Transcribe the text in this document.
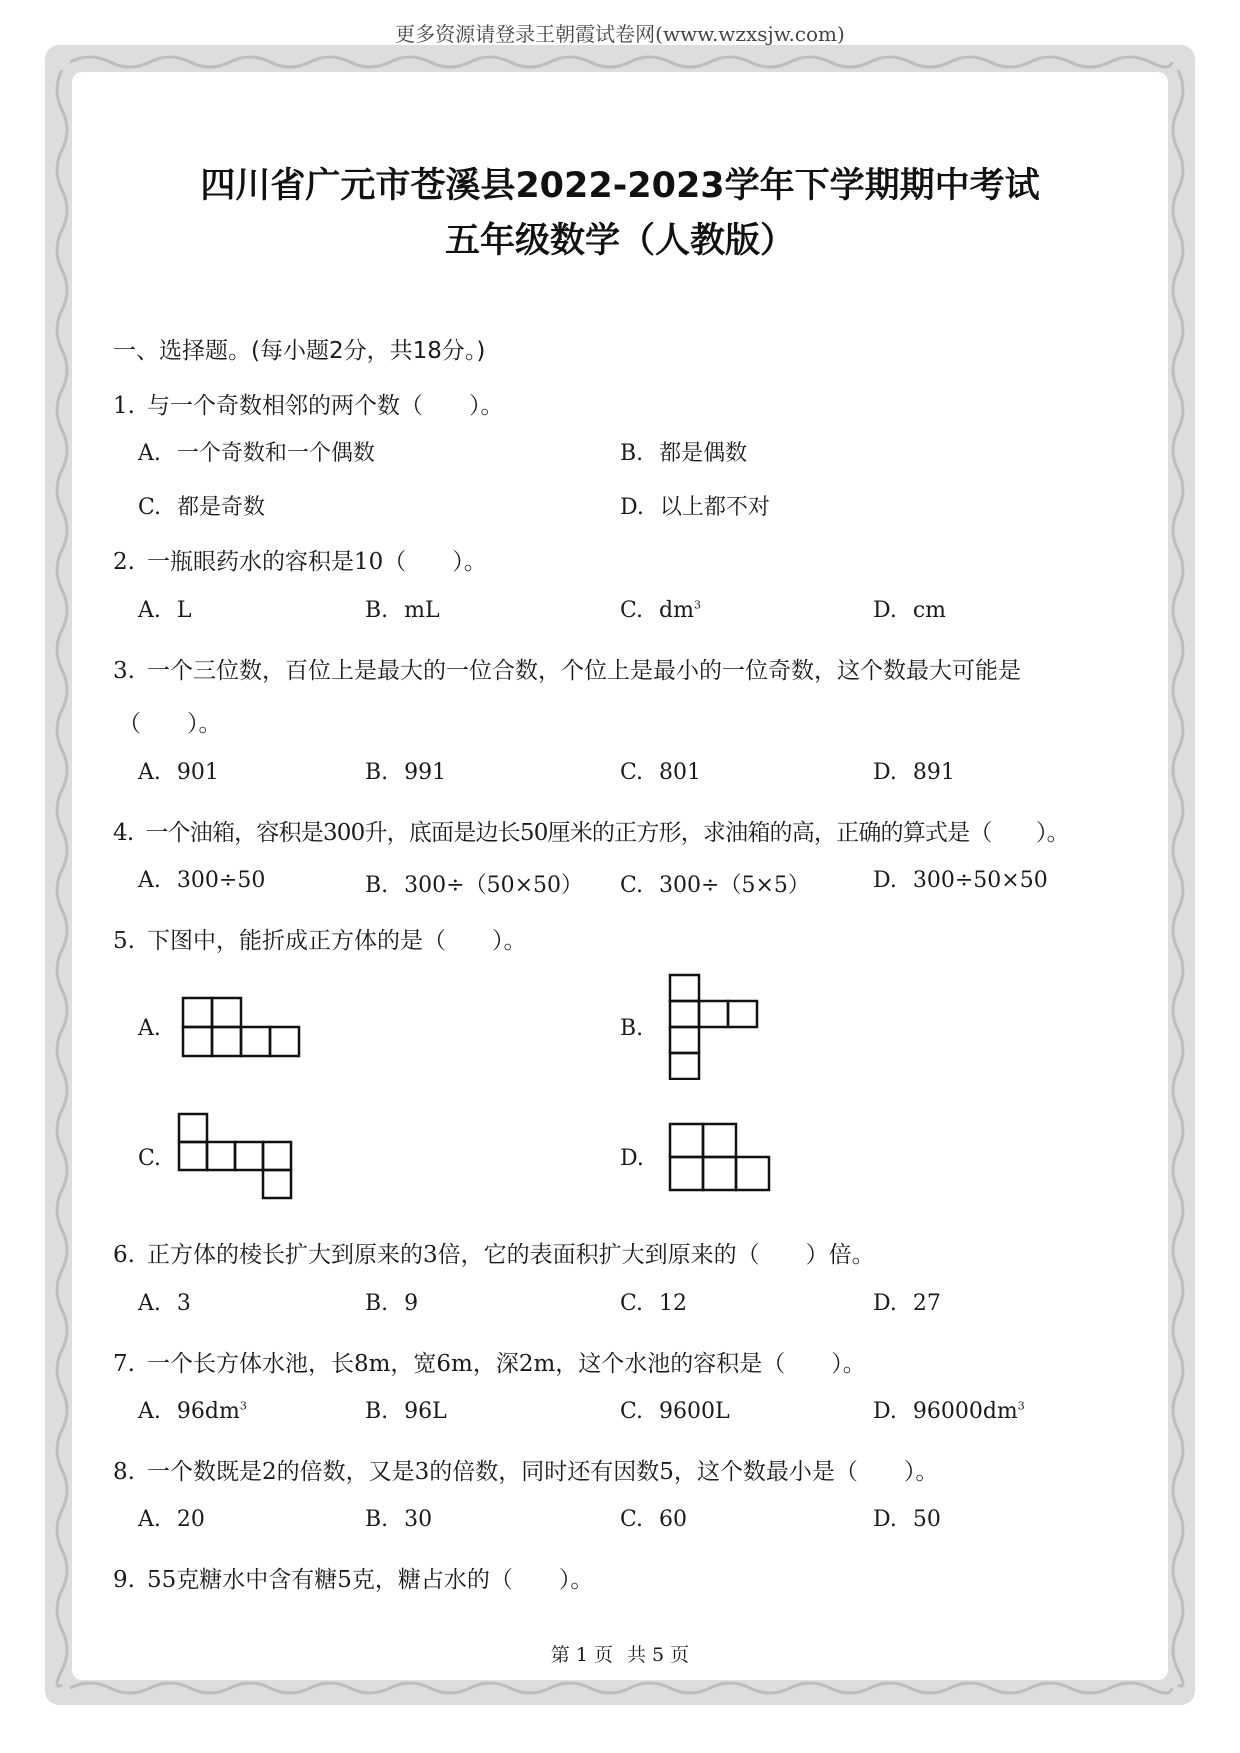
更多资源请登录王朝霞试卷网(www.wzxsjw.com)
四川省广元市苍溪县2022-2023学年下学期期中考试
五年级数学（人教版）
一、选择题。(每小题2分，共18分。)
1. 与一个奇数相邻的两个数（　　）。
A. 一个奇数和一个偶数	B. 都是偶数
C. 都是奇数	D. 以上都不对
2. 一瓶眼药水的容积是10（　　）。
A. L	B. mL	C. $dm^3$	D. cm
3. 一个三位数，百位上是最大的一位合数，个位上是最小的一位奇数，这个数最大可能是
（　　）。
A. 901	B. 991	C. 801	D. 891
4. 一个油箱，容积是300升，底面是边长50厘米的正方形，求油箱的高，正确的算式是（　　）。
A. 300÷50	B. 300÷（50×50） C. 300÷（5×5）	D. 300÷50×50
5. 下图中，能折成正方体的是（　　）。
A.	B.
C.	D.
6. 正方体的棱长扩大到原来的3倍，它的表面积扩大到原来的（　　）倍。
A. 3	B. 9	C. 12	D. 27
7. 一个长方体水池，长8m，宽6m，深2m，这个水池的容积是（　　）。
A. $96dm^3$	B. 96L	C. 9600L	D. $96000dm^3$
8. 一个数既是2的倍数，又是3的倍数，同时还有因数5，这个数最小是（　　）。
A. 20	B. 30	C. 60	D. 50
9. 55克糖水中含有糖5克，糖占水的（　　）。
第 1 页 共 5 页
